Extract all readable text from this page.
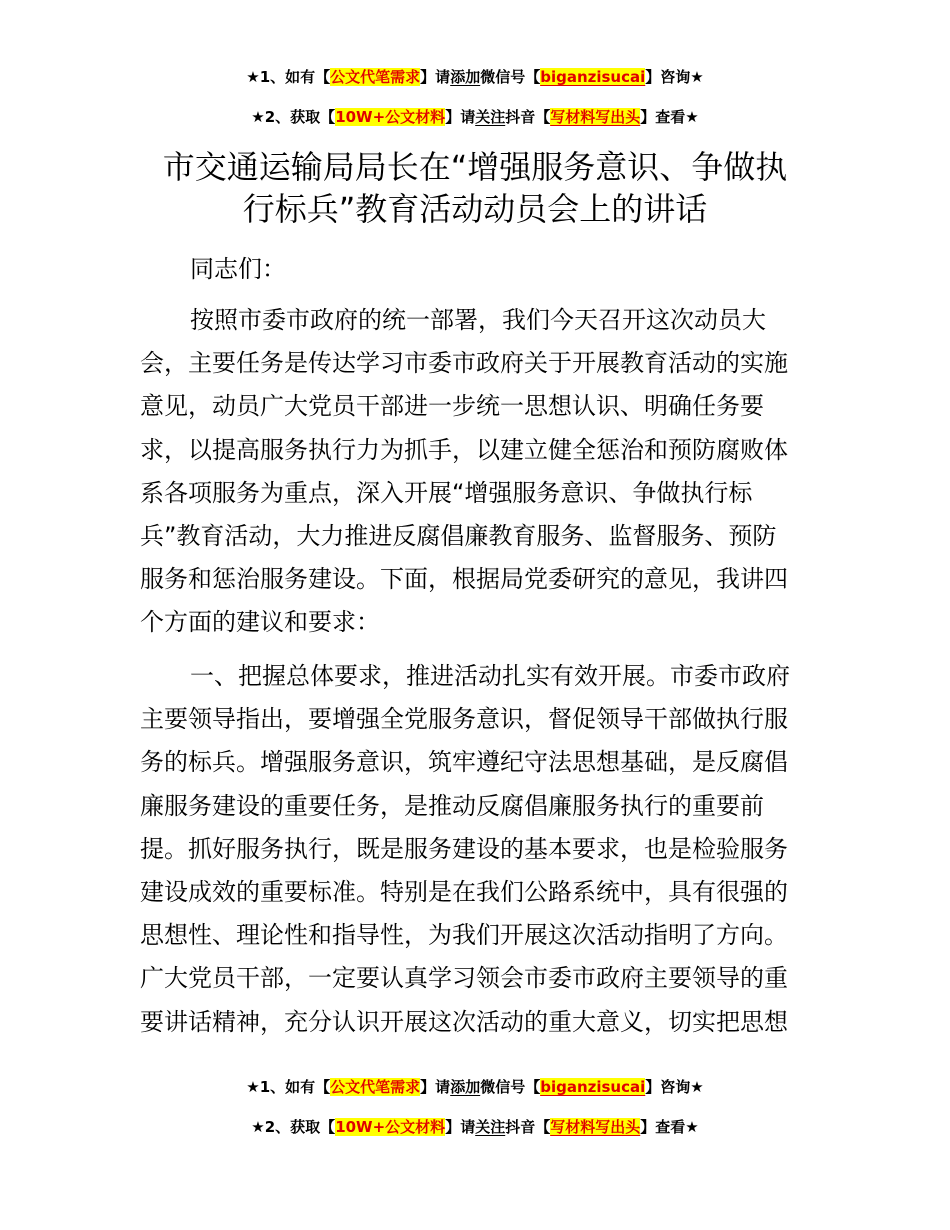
★1、如有【公文代笔需求】请添加微信号【biganzisucai】咨询★
★2、获取【10W+公文材料】请关注抖音【写材料写出头】查看★
市交通运输局局长在“增强服务意识、争做执
行标兵”教育活动动员会上的讲话
同志们：
按照市委市政府的统一部署，我们今天召开这次动员大
会，主要任务是传达学习市委市政府关于开展教育活动的实施
意见，动员广大党员干部进一步统一思想认识、明确任务要
求，以提高服务执行力为抓手，以建立健全惩治和预防腐败体
系各项服务为重点，深入开展“增强服务意识、争做执行标
兵”教育活动，大力推进反腐倡廉教育服务、监督服务、预防
服务和惩治服务建设。下面，根据局党委研究的意见，我讲四
个方面的建议和要求：
一、把握总体要求，推进活动扎实有效开展。市委市政府
主要领导指出，要增强全党服务意识，督促领导干部做执行服
务的标兵。增强服务意识，筑牢遵纪守法思想基础，是反腐倡
廉服务建设的重要任务，是推动反腐倡廉服务执行的重要前
提。抓好服务执行，既是服务建设的基本要求，也是检验服务
建设成效的重要标准。特别是在我们公路系统中，具有很强的
思想性、理论性和指导性，为我们开展这次活动指明了方向。
广大党员干部，一定要认真学习领会市委市政府主要领导的重
要讲话精神，充分认识开展这次活动的重大意义，切实把思想
★1、如有【公文代笔需求】请添加微信号【biganzisucai】咨询★
★2、获取【10W+公文材料】请关注抖音【写材料写出头】查看★
